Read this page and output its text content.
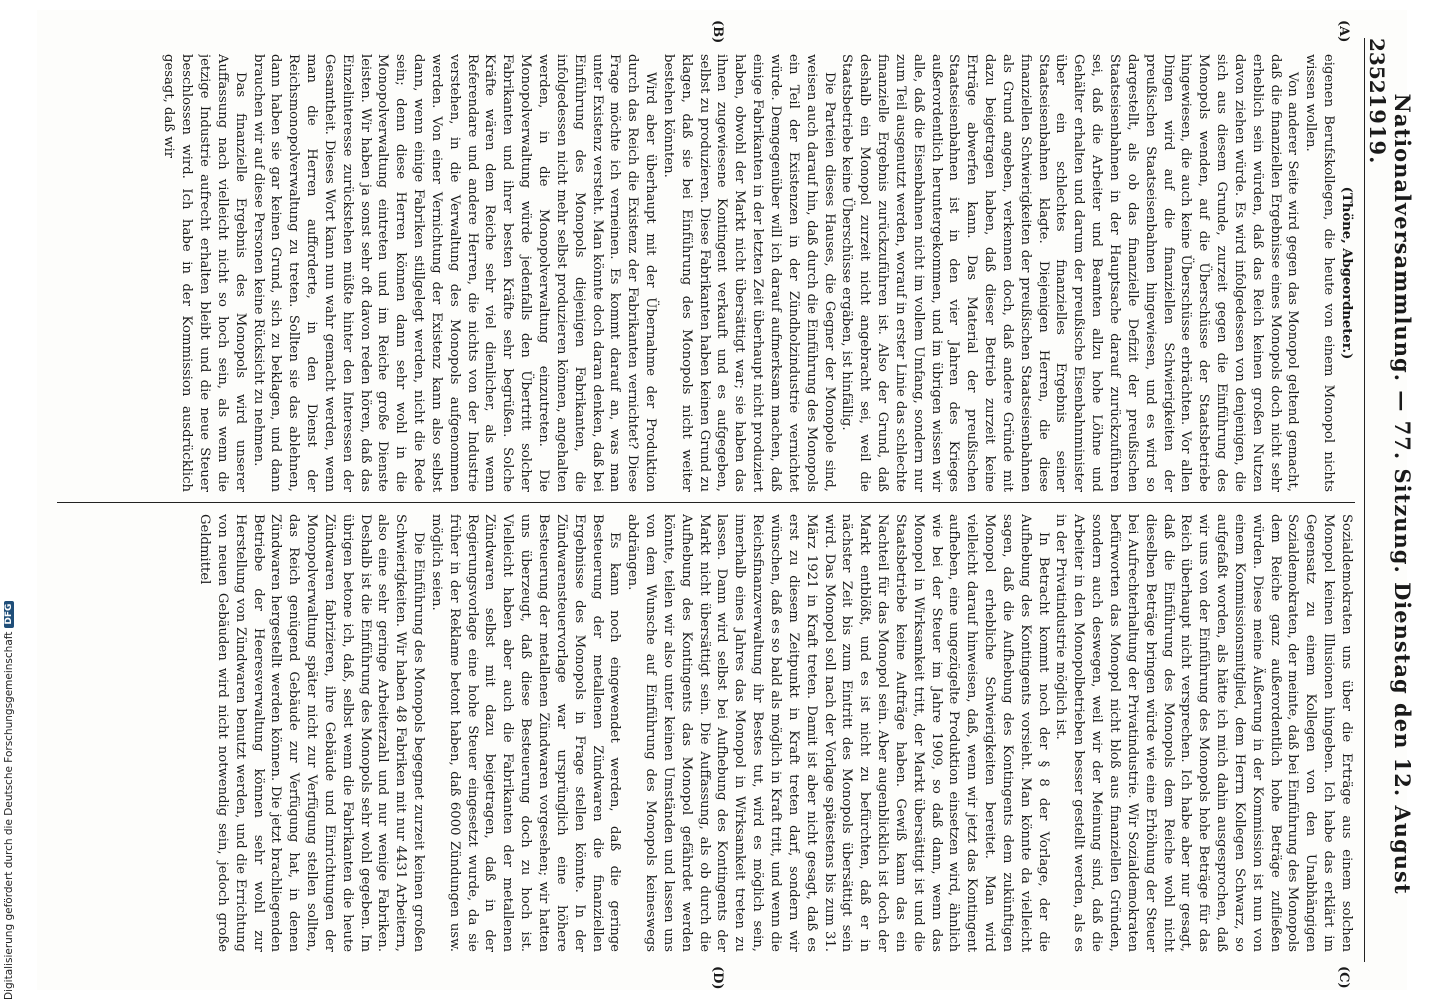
2352
Nationalversammlung. — 77. Sitzung. Dienstag den 12. August 1919.
(A)
(B)
(C)
(D)

(Thöne, Abgeordneter.)

eigenen Berufskollegen, die heute von einem Monopol nichts wissen wollen.

Von anderer Seite wird gegen das Monopol geltend gemacht, daß die finanziellen Ergebnisse eines Monopols doch nicht sehr erheblich sein würden, daß das Reich keinen großen Nutzen davon ziehen würde. Es wird infolgedessen von denjenigen, die sich aus diesem Grunde, zurzeit gegen die Einführung des Monopols wenden, auf die Überschüsse der Staatsbetriebe hingewiesen, die auch keine Überschüsse erbrächten. Vor allen Dingen wird auf die finanziellen Schwierigkeiten der preußischen Staatseisenbahnen hingewiesen, und es wird so dargestellt, als ob das finanzielle Defizit der preußischen Staatseisenbahnen in der Hauptsache darauf zurückzuführen sei, daß die Arbeiter und Beamten allzu hohe Löhne und Gehälter erhalten und darum der preußische Eisenbahnminister über ein schlechtes finanzielles Ergebnis seiner Staatseisenbahnen klagte. Diejenigen Herren, die diese finanziellen Schwierigkeiten der preußischen Staatseisenbahnen als Grund angeben, verkennen doch, daß andere Gründe mit dazu beigetragen haben, daß dieser Betrieb zurzeit keine Erträge abwerfen kann. Das Material der preußischen Staatseisenbahnen ist in den vier Jahren des Krieges außerordentlich heruntergekommen, und im übrigen wissen wir alle, daß die Eisenbahnen nicht im vollem Umfang, sondern nur zum Teil ausgenutzt werden, worauf in erster Linie das schlechte finanzielle Ergebnis zurückzuführen ist. Also der Grund, daß deshalb ein Monopol zurzeit nicht angebracht sei, weil die Staatsbetriebe keine Überschüsse ergäben, ist hinfällig.

Die Parteien dieses Hauses, die Gegner der Monopole sind, weisen auch darauf hin, daß durch die Einführung des Monopols ein Teil der Existenzen in der Zündholzindustrie vernichtet würde. Demgegenüber will ich darauf aufmerksam machen, daß einige Fabrikanten in der letzten Zeit überhaupt nicht produziert haben, obwohl der Markt nicht übersättigt war; sie haben das ihnen zugewiesene Kontingent verkauft und es aufgegeben, selbst zu produzieren. Diese Fabrikanten haben keinen Grund zu klagen, daß sie bei Einführung des Monopols nicht weiter bestehen könnten.

Wird aber überhaupt mit der Übernahme der Produktion durch das Reich die Existenz der Fabrikanten vernichtet? Diese Frage möchte ich verneinen. Es kommt darauf an, was man unter Existenz versteht. Man könnte doch daran denken, daß bei Einführung des Monopols diejenigen Fabrikanten, die infolgedessen nicht mehr selbst produzieren können, angehalten werden, in die Monopolverwaltung einzutreten. Die Monopolverwaltung würde jedenfalls den Übertritt solcher Fabrikanten und ihrer besten Kräfte sehr begrüßen. Solche Kräfte wären dem Reiche sehr viel dienlicher, als wenn Referendare und andere Herren, die nichts von der Industrie verstehen, in die Verwaltung des Monopols aufgenommen werden. Von einer Vernichtung der Existenz kann also selbst dann, wenn einige Fabriken stillgelegt werden, nicht die Rede sein; denn diese Herren können dann sehr wohl in die Monopolverwaltung eintreten und im Reiche große Dienste leisten. Wir haben ja sonst sehr oft davon reden hören, daß das Einzelinteresse zurückstehen müßte hinter den Interessen der Gesamtheit. Dieses Wort kann nun wahr gemacht werden, wenn man die Herren aufforderte, in den Dienst der Reichsmonopolverwaltung zu treten. Sollten sie das ablehnen, dann haben sie gar keinen Grund, sich zu beklagen, und dann brauchen wir auf diese Personen keine Rücksicht zu nehmen.

Das finanzielle Ergebnis des Monopols wird unserer Auffassung nach vielleicht nicht so hoch sein, als wenn die jetzige Industrie aufrecht erhalten bleibt und die neue Steuer beschlossen wird. Ich habe in der Kommission ausdrücklich gesagt, daß wir

Sozialdemokraten uns über die Erträge aus einem solchen Monopol keinen Illusionen hingeben. Ich habe das erklärt im Gegensatz zu einem Kollegen von den Unabhängigen Sozialdemokraten, der meinte, daß bei Einführung des Monopols dem Reiche ganz außerordentlich hohe Beträge zufließen würden. Diese meine Äußerung in der Kommission ist nun von einem Kommissionsmitglied, dem Herrn Kollegen Schwarz, so aufgefaßt worden, als hätte ich mich dahin ausgesprochen, daß wir uns von der Einführung des Monopols hohe Beträge für das Reich überhaupt nicht versprechen. Ich habe aber nur gesagt, daß die Einführung des Monopols dem Reiche wohl nicht dieselben Beträge bringen würde wie eine Erhöhung der Steuer bei Aufrechterhaltung der Privatindustrie. Wir Sozialdemokraten befürworten das Monopol nicht bloß aus finanziellen Gründen, sondern auch deswegen, weil wir der Meinung sind, daß die Arbeiter in den Monopolbetrieben besser gestellt werden, als es in der Privatindustrie möglich ist.

In Betracht kommt noch der § 8 der Vorlage, der die Aufhebung des Kontingents vorsieht. Man könnte da vielleicht sagen, daß die Aufhebung des Kontingents dem zukünftigen Monopol erhebliche Schwierigkeiten bereitet. Man wird vielleicht darauf hinweisen, daß, wenn wir jetzt das Kontingent aufheben, eine ungezügelte Produktion einsetzen wird, ähnlich wie bei der Steuer im Jahre 1909, so daß dann, wenn das Monopol in Wirksamkeit tritt, der Markt übersättigt ist und die Staatsbetriebe keine Aufträge haben. Gewiß kann das ein Nachteil für das Monopol sein. Aber augenblicklich ist doch der Markt entblößt, und es ist nicht zu befürchten, daß er in nächster Zeit bis zum Eintritt des Monopols übersättigt sein wird. Das Monopol soll nach der Vorlage spätestens bis zum 31. März 1921 in Kraft treten. Damit ist aber nicht gesagt, daß es erst zu diesem Zeitpunkt in Kraft treten darf, sondern wir wünschen, daß es so bald als möglich in Kraft tritt, und wenn die Reichsfinanzverwaltung ihr Bestes tut, wird es möglich sein, innerhalb eines Jahres das Monopol in Wirksamkeit treten zu lassen. Dann wird selbst bei Aufhebung des Kontingents der Markt nicht übersättigt sein. Die Auffassung, als ob durch die Aufhebung des Kontingents das Monopol gefährdet werden könnte, teilen wir also unter keinen Umständen und lassen uns von dem Wunsche auf Einführung des Monopols keineswegs abdrängen.

Es kann noch eingewendet werden, daß die geringe Besteuerung der metallenen Zündwaren die finanziellen Ergebnisse des Monopols in Frage stellen könnte. In der Zündwarensteuervorlage war ursprünglich eine höhere Besteuerung der metallenen Zündwaren vorgesehen; wir hatten uns überzeugt, daß diese Besteuerung doch zu hoch ist. Vielleicht haben aber auch die Fabrikanten der metallenen Zündwaren selbst mit dazu beigetragen, daß in der Regierungsvorlage eine hohe Steuer eingesetzt wurde, da sie früher in der Reklame betont haben, daß 6000 Zündungen usw. möglich seien.

Die Einführung des Monopols begegnet zurzeit keinen großen Schwierigkeiten. Wir haben 48 Fabriken mit nur 4431 Arbeitern, also eine sehr geringe Arbeiterzahl und nur wenige Fabriken. Deshalb ist die Einführung des Monopols sehr wohl gegeben. Im übrigen betone ich, daß, selbst wenn die Fabrikanten die heute Zündwaren fabrizieren, ihre Gebäude und Einrichtungen der Monopolverwaltung später nicht zur Verfügung stellen sollten, das Reich genügend Gebäude zur Verfügung hat, in denen Zündwaren hergestellt werden können. Die jetzt brachliegenden Betriebe der Heeresverwaltung können sehr wohl zur Herstellung von Zündwaren benutzt werden, und die Errichtung von neuen Gebäuden wird nicht notwendig sein, jedoch große Geldmittel

Digitalisierung gefördert durch die Deutsche Forschungsgemeinschaft
DFG
